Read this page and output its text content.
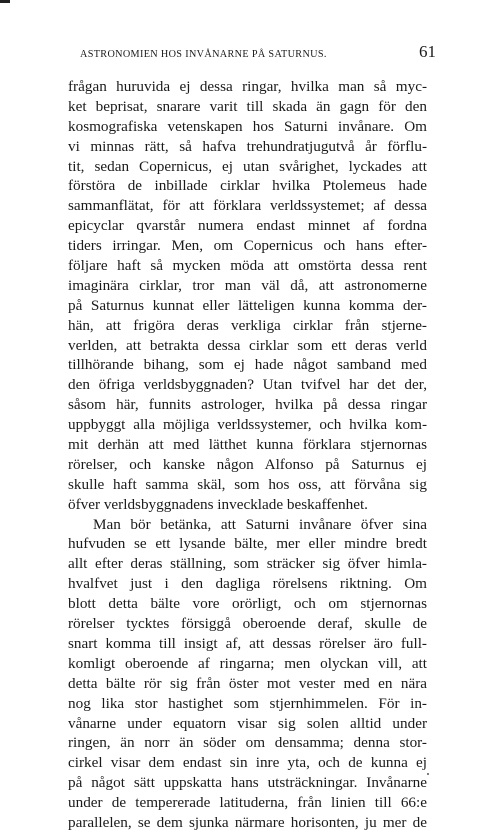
ASTRONOMIEN HOS INVÅNARNE PÅ SATURNUS.	61
frågan huruvida ej dessa ringar, hvilka man så myc-
ket beprisat, snarare varit till skada än gagn för den
kosmografiska vetenskapen hos Saturni invånare. Om
vi minnas rätt, så hafva trehundratjugutvå år förflu-
tit, sedan Copernicus, ej utan svårighet, lyckades att
förstöra de inbillade cirklar hvilka Ptolemeus hade
sammanflätat, för att förklara verldssystemet; af dessa
epicyclar qvarstår numera endast minnet af fordna
tiders irringar. Men, om Copernicus och hans efter-
följare haft så mycken möda att omstörta dessa rent
imaginära cirklar, tror man väl då, att astronomerne
på Saturnus kunnat eller lätteligen kunna komma der-
hän, att frigöra deras verkliga cirklar från stjerne-
verlden, att betrakta dessa cirklar som ett deras verld
tillhörande bihang, som ej hade något samband med
den öfriga verldsbyggnaden? Utan tvifvel har det der,
såsom här, funnits astrologer, hvilka på dessa ringar
uppbyggt alla möjliga verldssystemer, och hvilka kom-
mit derhän att med lätthet kunna förklara stjernornas
rörelser, och kanske någon Alfonso på Saturnus ej
skulle haft samma skäl, som hos oss, att förvåna sig
öfver verldsbyggnadens invecklade beskaffenhet.
Man bör betänka, att Saturni invånare öfver sina
hufvuden se ett lysande bälte, mer eller mindre bredt
allt efter deras ställning, som sträcker sig öfver himla-
hvalfvet just i den dagliga rörelsens riktning. Om
blott detta bälte vore orörligt, och om stjernornas
rörelser tycktes försiggå oberoende deraf, skulle de
snart komma till insigt af, att dessas rörelser äro full-
komligt oberoende af ringarna; men olyckan vill, att
detta bälte rör sig från öster mot vester med en nära
nog lika stor hastighet som stjernhimmelen. För in-
vånarne under equatorn visar sig solen alltid under
ringen, än norr än söder om densamma; denna stor-
cirkel visar dem endast sin inre yta, och de kunna ej
på något sätt uppskatta hans utsträckningar. Invånarne
under de tempererade latituderna, från linien till 66:e
parallelen, se dem sjunka närmare horisonten, ju mer de
